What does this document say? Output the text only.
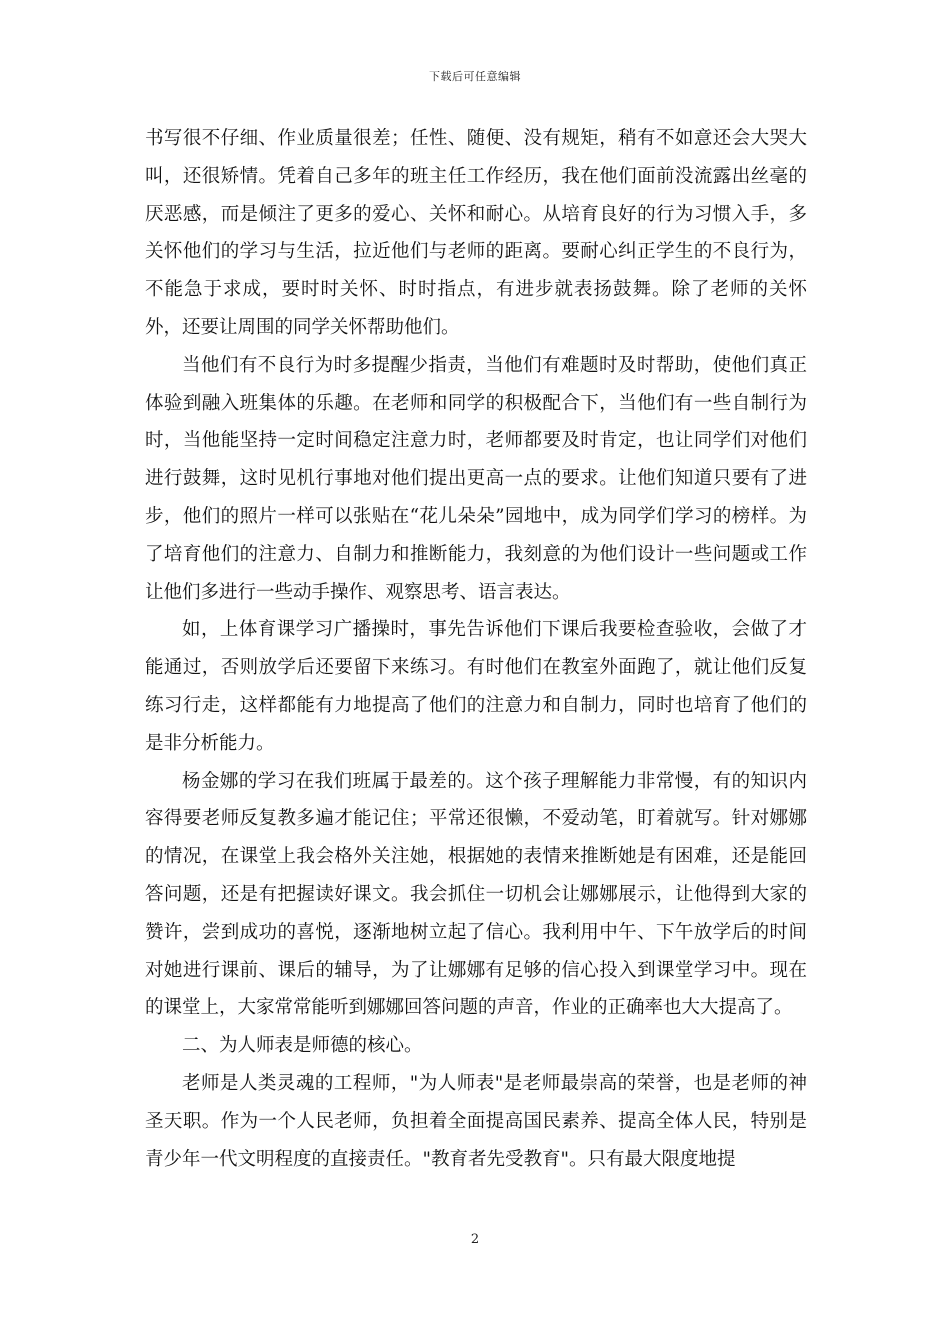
下载后可任意编辑

书写很不仔细、作业质量很差；任性、随便、没有规矩，稍有不如意还会大哭大叫，还很矫情。凭着自己多年的班主任工作经历，我在他们面前没流露出丝毫的厌恶感，而是倾注了更多的爱心、关怀和耐心。从培育良好的行为习惯入手，多关怀他们的学习与生活，拉近他们与老师的距离。要耐心纠正学生的不良行为，不能急于求成，要时时关怀、时时指点，有进步就表扬鼓舞。除了老师的关怀外，还要让周围的同学关怀帮助他们。

当他们有不良行为时多提醒少指责，当他们有难题时及时帮助，使他们真正体验到融入班集体的乐趣。在老师和同学的积极配合下，当他们有一些自制行为时，当他能坚持一定时间稳定注意力时，老师都要及时肯定，也让同学们对他们进行鼓舞，这时见机行事地对他们提出更高一点的要求。让他们知道只要有了进步，他们的照片一样可以张贴在“花儿朵朵”园地中，成为同学们学习的榜样。为了培育他们的注意力、自制力和推断能力，我刻意的为他们设计一些问题或工作让他们多进行一些动手操作、观察思考、语言表达。

如，上体育课学习广播操时，事先告诉他们下课后我要检查验收，会做了才能通过，否则放学后还要留下来练习。有时他们在教室外面跑了，就让他们反复练习行走，这样都能有力地提高了他们的注意力和自制力，同时也培育了他们的是非分析能力。

杨金娜的学习在我们班属于最差的。这个孩子理解能力非常慢，有的知识内容得要老师反复教多遍才能记住；平常还很懒，不爱动笔，盯着就写。针对娜娜的情况，在课堂上我会格外关注她，根据她的表情来推断她是有困难，还是能回答问题，还是有把握读好课文。我会抓住一切机会让娜娜展示，让他得到大家的赞许，尝到成功的喜悦，逐渐地树立起了信心。我利用中午、下午放学后的时间对她进行课前、课后的辅导，为了让娜娜有足够的信心投入到课堂学习中。现在的课堂上，大家常常能听到娜娜回答问题的声音，作业的正确率也大大提高了。

二、为人师表是师德的核心。

老师是人类灵魂的工程师，"为人师表"是老师最崇高的荣誉，也是老师的神圣天职。作为一个人民老师，负担着全面提高国民素养、提高全体人民，特别是青少年一代文明程度的直接责任。"教育者先受教育"。只有最大限度地提

2
